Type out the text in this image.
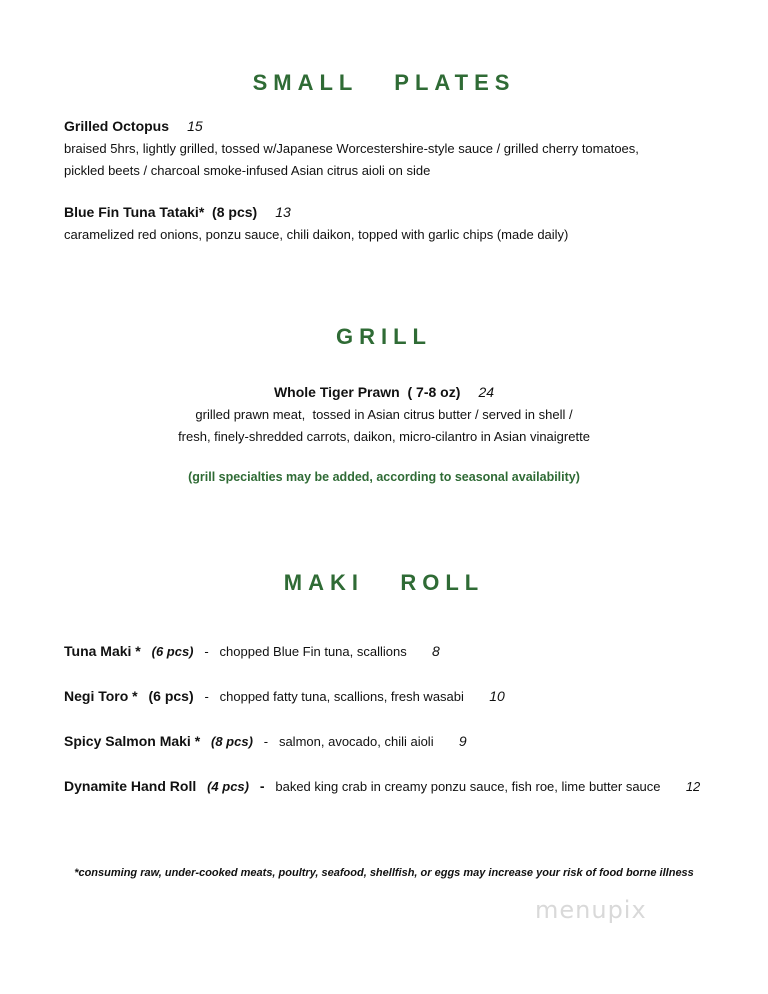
SMALL   PLATES

Grilled Octopus 15
braised 5hrs, lightly grilled, tossed w/Japanese Worcestershire-style sauce / grilled cherry tomatoes,
pickled beets / charcoal smoke-infused Asian citrus aioli on side

Blue Fin Tuna Tataki*  (8 pcs) 13
caramelized red onions, ponzu sauce, chili daikon, topped with garlic chips (made daily)

GRILL

Whole Tiger Prawn  ( 7-8 oz) 24
grilled prawn meat,  tossed in Asian citrus butter / served in shell /
fresh, finely-shredded carrots, daikon, micro-cilantro in Asian vinaigrette

(grill specialties may be added, according to seasonal availability)

MAKI   ROLL

Tuna Maki * (6 pcs) - chopped Blue Fin tuna, scallions 8

Negi Toro * (6 pcs) - chopped fatty tuna, scallions, fresh wasabi 10

Spicy Salmon Maki * (8 pcs) - salmon, avocado, chili aioli 9

Dynamite Hand Roll (4 pcs) - baked king crab in creamy ponzu sauce, fish roe, lime butter sauce 12

*consuming raw, under-cooked meats, poultry, seafood, shellfish, or eggs may increase your risk of food borne illness

menupix
